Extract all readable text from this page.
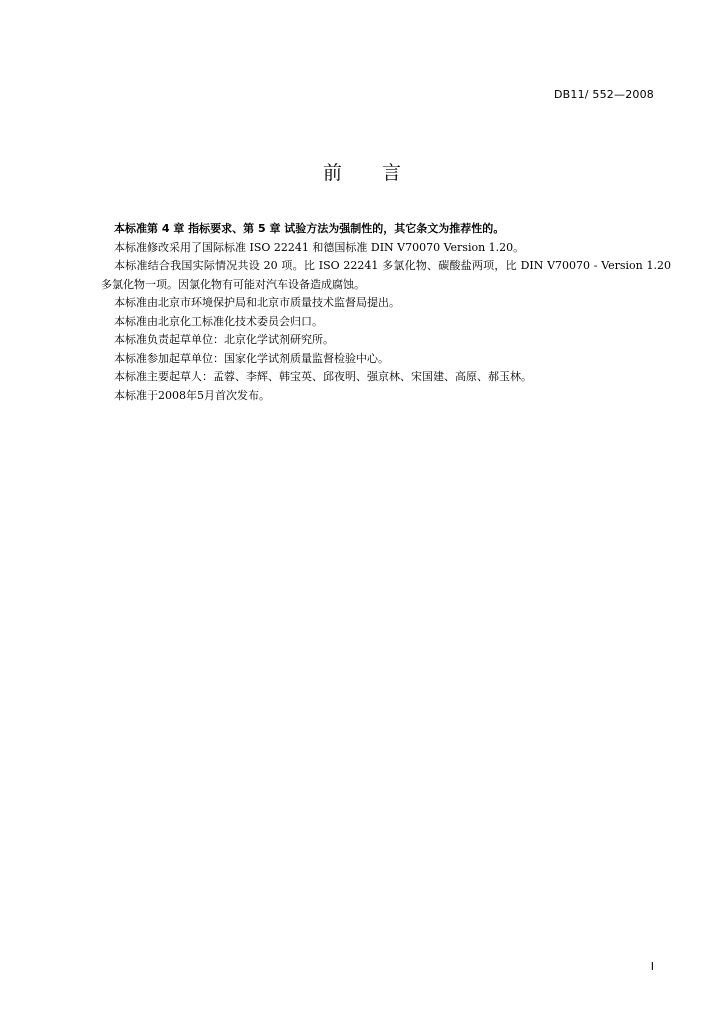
DB11/ 552—2008
前 言

本标准第 4 章 指标要求、第 5 章 试验方法为强制性的，其它条文为推荐性的。

本标准修改采用了国际标准 ISO 22241 和德国标准 DIN V70070 Version 1.20。

本标准结合我国实际情况共设 20 项。比 ISO 22241 多氯化物、碳酸盐两项，比 DIN V70070 - Version 1.20 多氯化物一项。因氯化物有可能对汽车设备造成腐蚀。

本标准由北京市环境保护局和北京市质量技术监督局提出。

本标准由北京化工标准化技术委员会归口。

本标准负责起草单位：北京化学试剂研究所。

本标准参加起草单位：国家化学试剂质量监督检验中心。

本标准主要起草人：孟蓉、李辉、韩宝英、邱夜明、强京林、宋国建、高原、郝玉林。

本标准于2008年5月首次发布。

I
